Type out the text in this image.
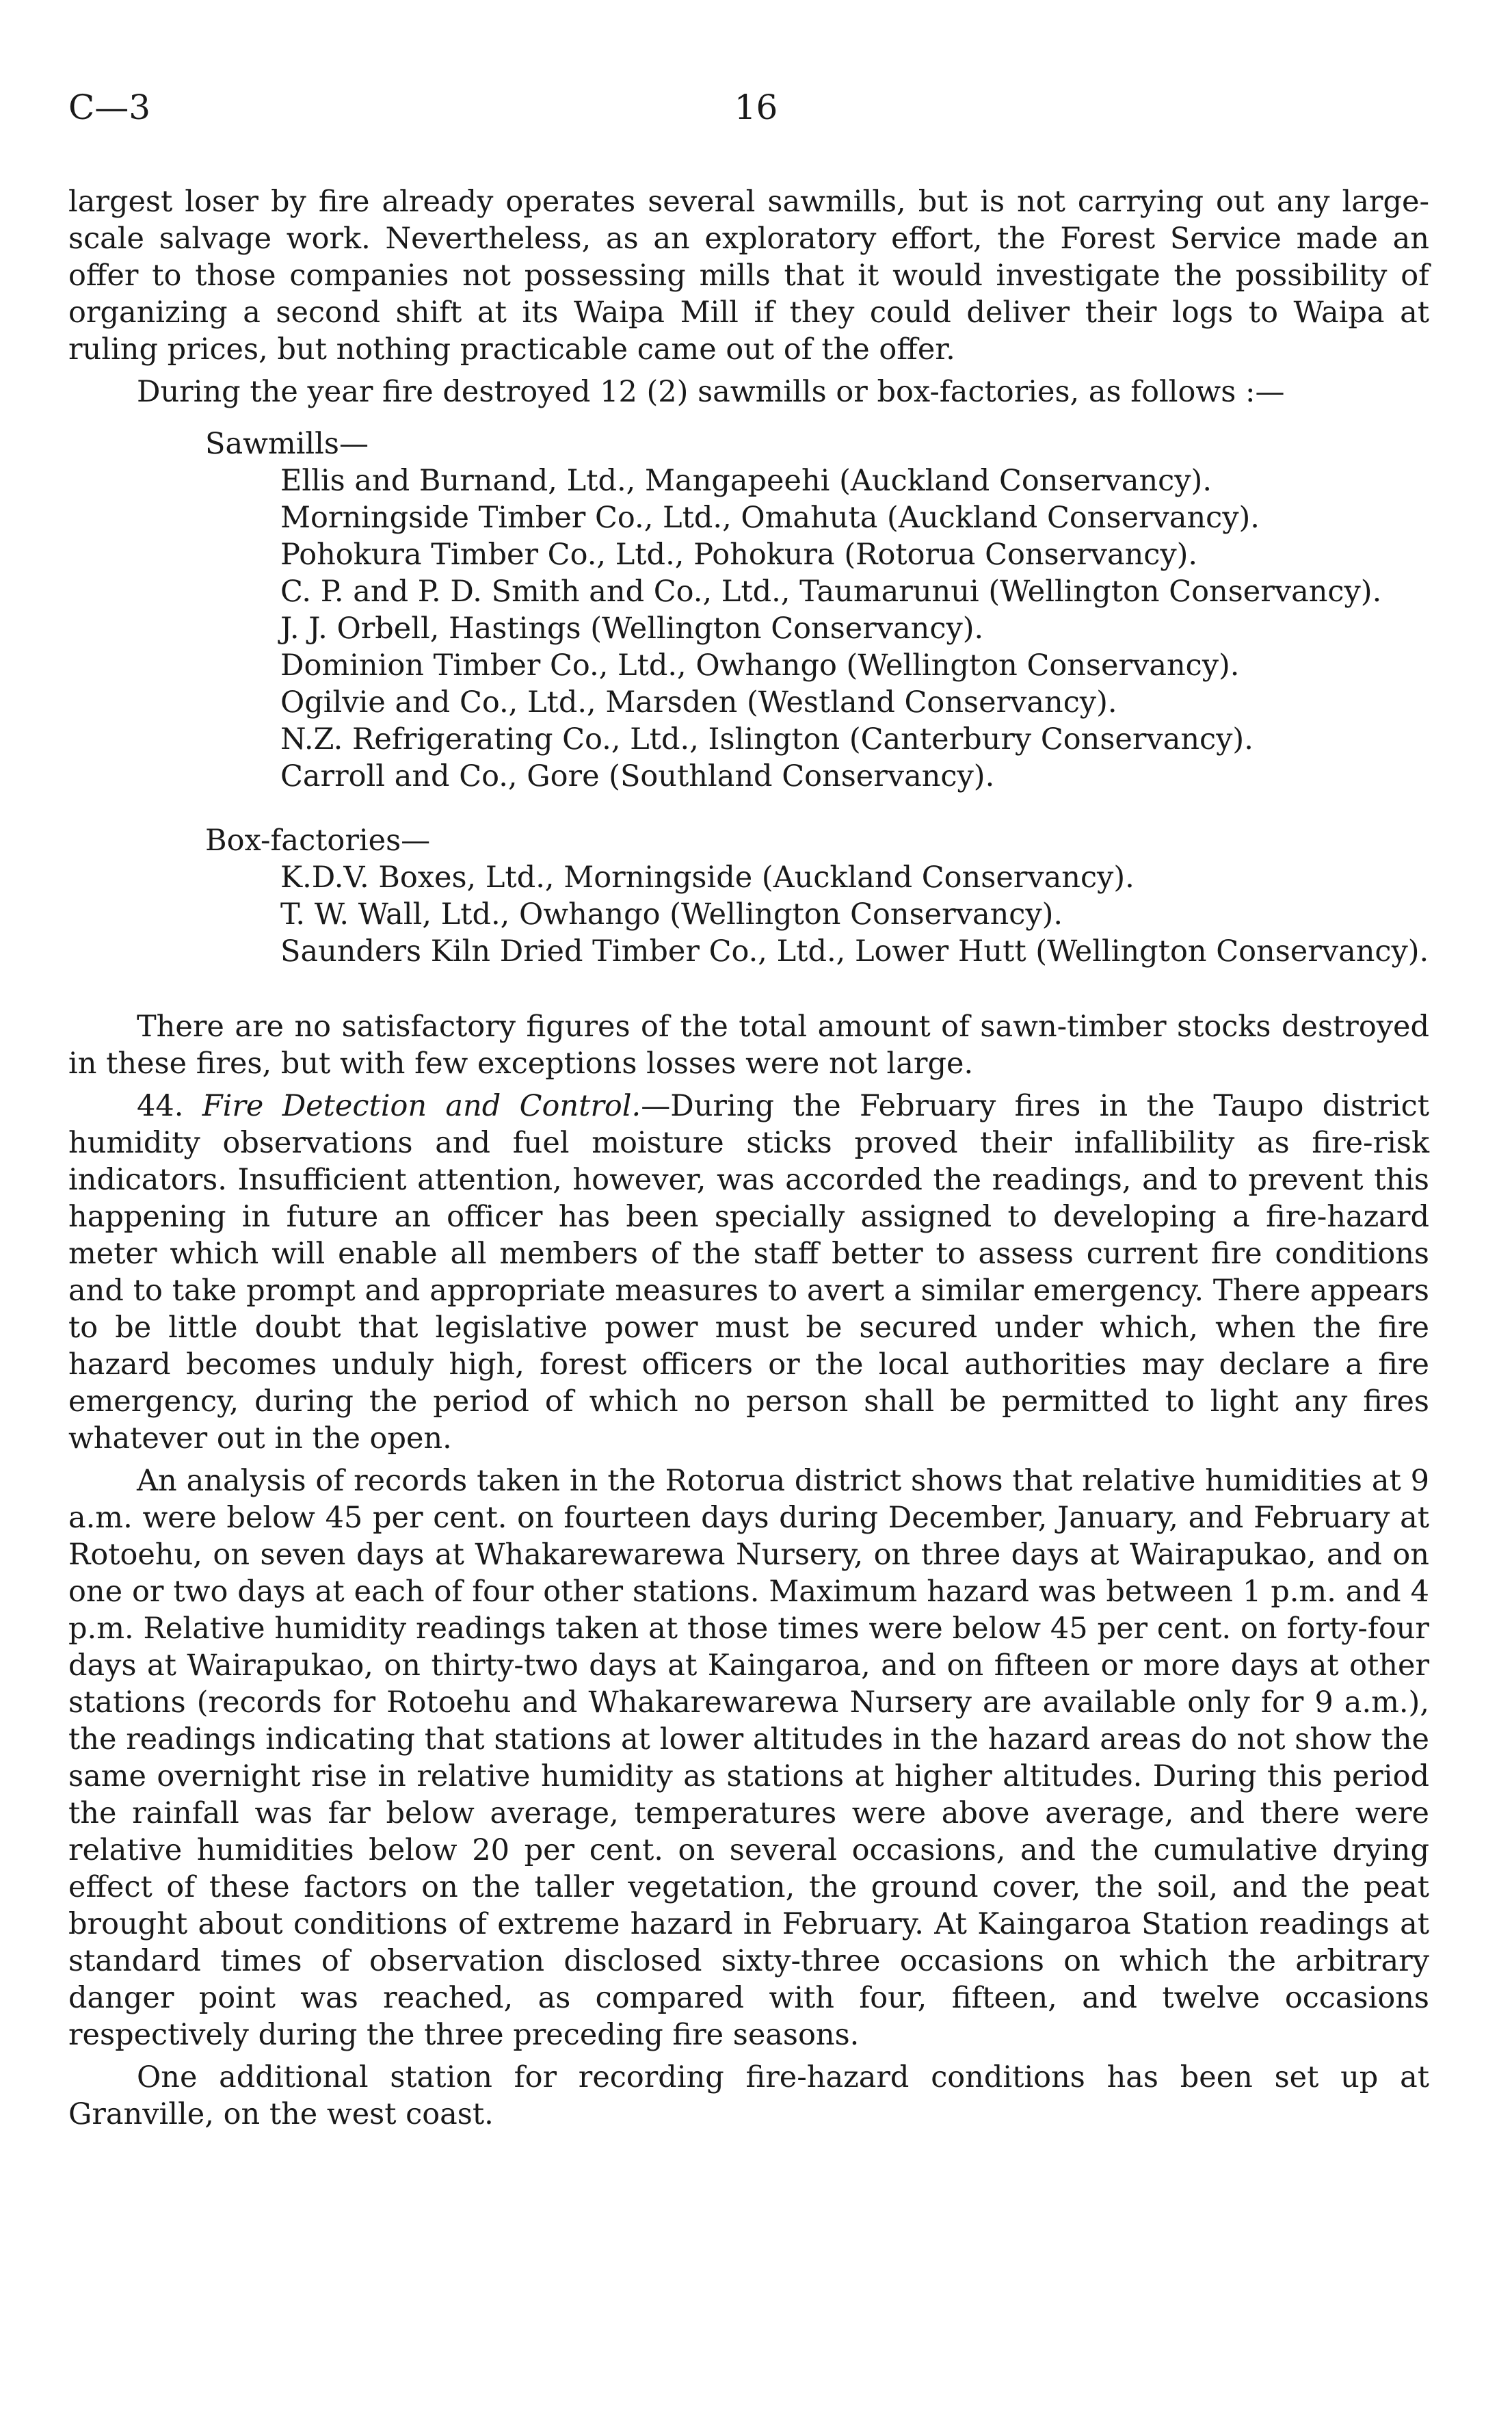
C—3	16

largest loser by fire already operates several sawmills, but is not carrying out any large-scale salvage work. Nevertheless, as an exploratory effort, the Forest Service made an offer to those companies not possessing mills that it would investigate the possibility of organizing a second shift at its Waipa Mill if they could deliver their logs to Waipa at ruling prices, but nothing practicable came out of the offer.

During the year fire destroyed 12 (2) sawmills or box-factories, as follows :—

Sawmills—

Ellis and Burnand, Ltd., Mangapeehi (Auckland Conservancy).

Morningside Timber Co., Ltd., Omahuta (Auckland Conservancy).

Pohokura Timber Co., Ltd., Pohokura (Rotorua Conservancy).

C. P. and P. D. Smith and Co., Ltd., Taumarunui (Wellington Conservancy).

J. J. Orbell, Hastings (Wellington Conservancy).

Dominion Timber Co., Ltd., Owhango (Wellington Conservancy).

Ogilvie and Co., Ltd., Marsden (Westland Conservancy).

N.Z. Refrigerating Co., Ltd., Islington (Canterbury Conservancy).

Carroll and Co., Gore (Southland Conservancy).

Box-factories—

K.D.V. Boxes, Ltd., Morningside (Auckland Conservancy).

T. W. Wall, Ltd., Owhango (Wellington Conservancy).

Saunders Kiln Dried Timber Co., Ltd., Lower Hutt (Wellington Conservancy).

There are no satisfactory figures of the total amount of sawn-timber stocks destroyed in these fires, but with few exceptions losses were not large.

44. Fire Detection and Control.—During the February fires in the Taupo district humidity observations and fuel moisture sticks proved their infallibility as fire-risk indicators. Insufficient attention, however, was accorded the readings, and to prevent this happening in future an officer has been specially assigned to developing a fire-hazard meter which will enable all members of the staff better to assess current fire conditions and to take prompt and appropriate measures to avert a similar emergency. There appears to be little doubt that legislative power must be secured under which, when the fire hazard becomes unduly high, forest officers or the local authorities may declare a fire emergency, during the period of which no person shall be permitted to light any fires whatever out in the open.

An analysis of records taken in the Rotorua district shows that relative humidities at 9 a.m. were below 45 per cent. on fourteen days during December, January, and February at Rotoehu, on seven days at Whakarewarewa Nursery, on three days at Wairapukao, and on one or two days at each of four other stations. Maximum hazard was between 1 p.m. and 4 p.m. Relative humidity readings taken at those times were below 45 per cent. on forty-four days at Wairapukao, on thirty-two days at Kaingaroa, and on fifteen or more days at other stations (records for Rotoehu and Whakarewarewa Nursery are available only for 9 a.m.), the readings indicating that stations at lower altitudes in the hazard areas do not show the same overnight rise in relative humidity as stations at higher altitudes. During this period the rainfall was far below average, temperatures were above average, and there were relative humidities below 20 per cent. on several occasions, and the cumulative drying effect of these factors on the taller vegetation, the ground cover, the soil, and the peat brought about conditions of extreme hazard in February. At Kaingaroa Station readings at standard times of observation disclosed sixty-three occasions on which the arbitrary danger point was reached, as compared with four, fifteen, and twelve occasions respectively during the three preceding fire seasons.

One additional station for recording fire-hazard conditions has been set up at Granville, on the west coast.
